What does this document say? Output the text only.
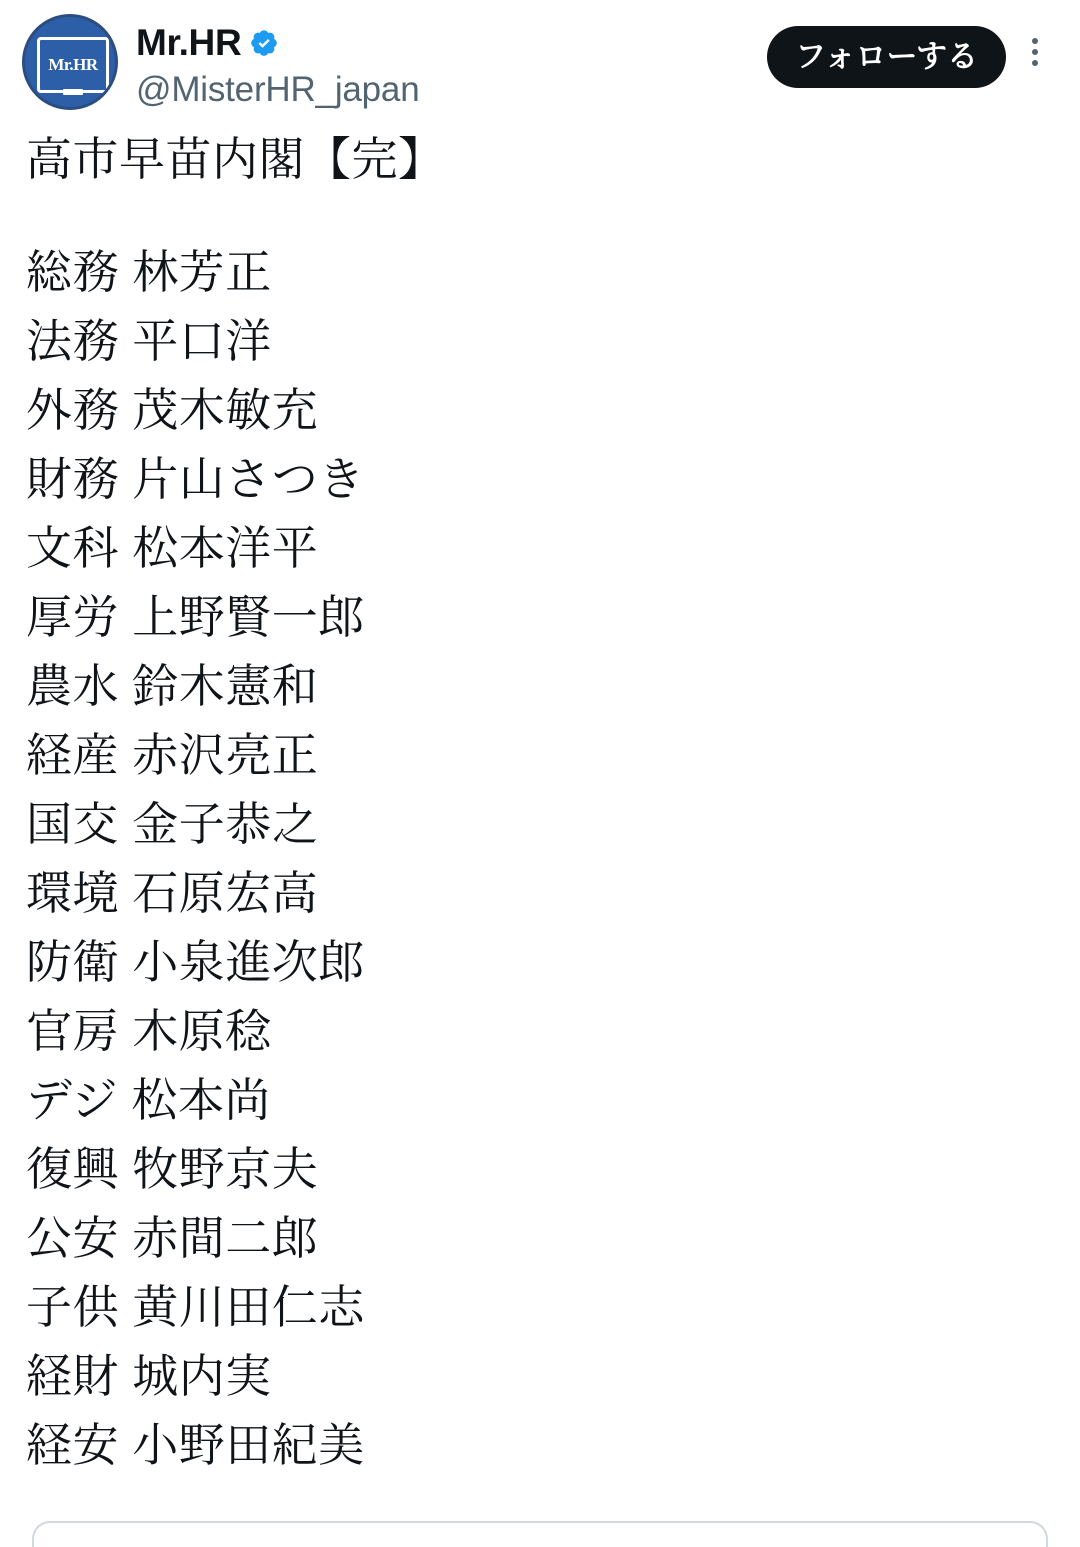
Mr.HR
Mr.HR
@MisterHR_japan
フォローする
高市早苗内閣【完】
総務 林芳正
法務 平口洋
外務 茂木敏充
財務 片山さつき
文科 松本洋平
厚労 上野賢一郎
農水 鈴木憲和
経産 赤沢亮正
国交 金子恭之
環境 石原宏高
防衛 小泉進次郎
官房 木原稔
デジ 松本尚
復興 牧野京夫
公安 赤間二郎
子供 黄川田仁志
経財 城内実
経安 小野田紀美
